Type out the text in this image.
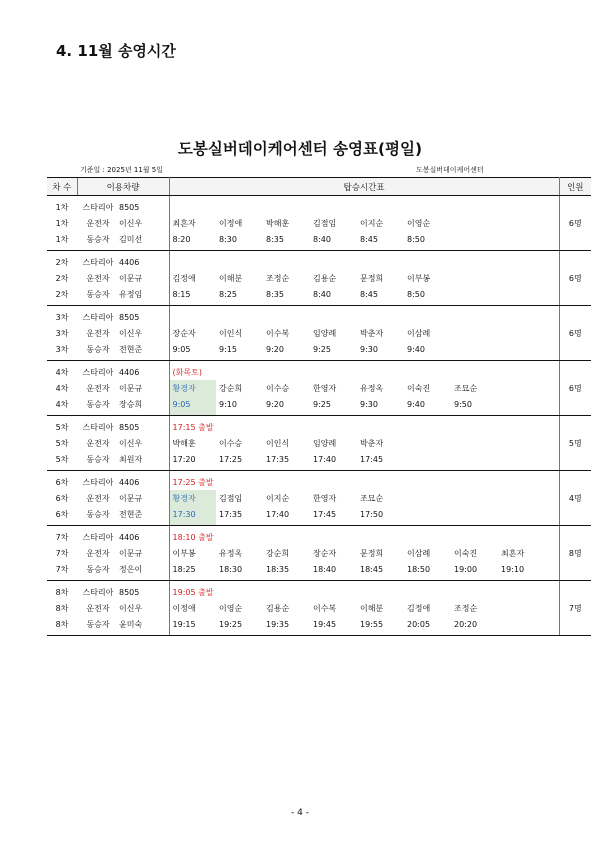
4. 11월 송영시간
도봉실버데이케어센터 송영표(평일)
기준일 : 2025년 11월 5일	도봉실버데이케어센터
차 수	이용차량		탑승시간표									인원
1차	스타리아	8505										
1차	운전자	이신우	최흔자	이정애	박해훈	김점임	이지순	이영순				6명
1차	동승자	김미선	8:20	8:30	8:35	8:40	8:45	8:50				
2차	스타리아	4406										
2차	운전자	이문규	김정애	이해분	조정순	김용순	문정희	이부봉				6명
2차	동승자	유정임	8:15	8:25	8:35	8:40	8:45	8:50				
3차	스타리아	8505										
3차	운전자	이신우	장순자	이인식	이수복	임양례	박춘자	이삼례				6명
3차	동승자	전현준	9:05	9:15	9:20	9:25	9:30	9:40				
4차	스타리아	4406	(화목토)									
4차	운전자	이문규	황경자	강순희	이수승	한영자	유정옥	이숙진	조묘순			6명
4차	동승자	장승희	9:05	9:10	9:20	9:25	9:30	9:40	9:50			
5차	스타리아	8505	17:15 출발									
5차	운전자	이신우	박해훈	이수승	이인식	임양례	박춘자					5명
5차	동승자	최원자	17:20	17:25	17:35	17:40	17:45					
6차	스타리아	4406	17:25 출발									
6차	운전자	이문규	황경자	김점임	이지순	한영자	조묘순					4명
6차	동승자	전현준	17:30	17:35	17:40	17:45	17:50					
7차	스타리아	4406	18:10 출발									
7차	운전자	이문규	이부봉	유정옥	강순희	장순자	문정희	이삼례	이숙진	최흔자		8명
7차	동승자	정은이	18:25	18:30	18:35	18:40	18:45	18:50	19:00	19:10		
8차	스타리아	8505	19:05 출발									
8차	운전자	이신우	이정애	이영순	김용순	이수복	이해분	김정애	조정순			7명
8차	동승자	윤미숙	19:15	19:25	19:35	19:45	19:55	20:05	20:20			
- 4 -
